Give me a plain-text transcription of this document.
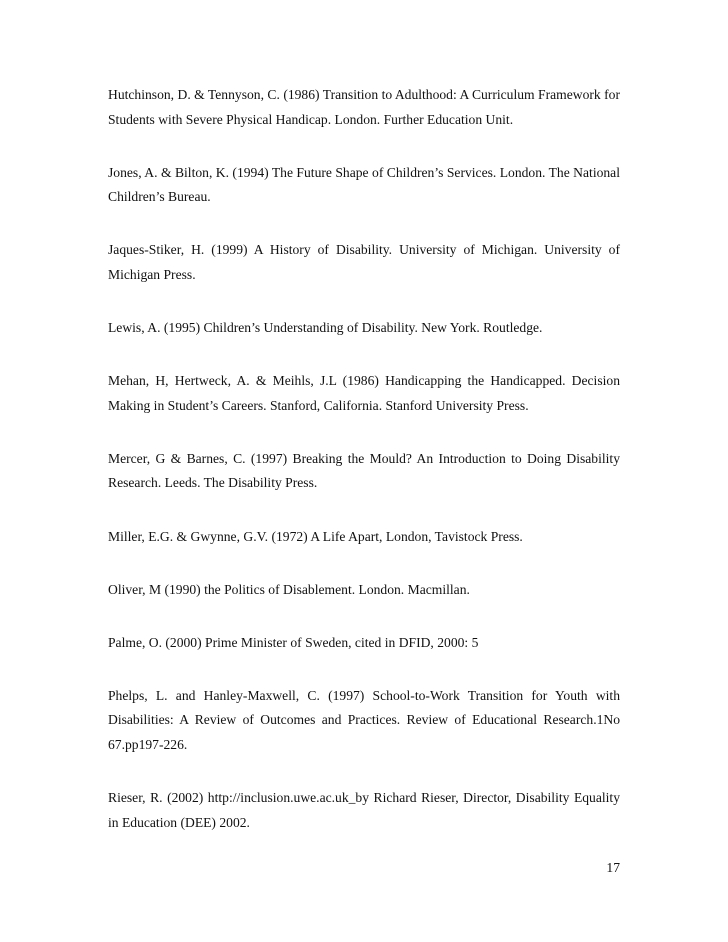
Hutchinson, D. & Tennyson, C. (1986) Transition to Adulthood: A Curriculum Framework for Students with Severe Physical Handicap. London. Further Education Unit.

Jones, A. & Bilton, K. (1994) The Future Shape of Children’s Services. London. The National Children’s Bureau.

Jaques-Stiker, H. (1999) A History of Disability. University of Michigan. University of Michigan Press.

Lewis, A. (1995) Children’s Understanding of Disability. New York. Routledge.

Mehan, H, Hertweck, A. & Meihls, J.L (1986) Handicapping the Handicapped. Decision Making in Student’s Careers. Stanford, California. Stanford University Press.

Mercer, G & Barnes, C. (1997) Breaking the Mould? An Introduction to Doing Disability Research. Leeds. The Disability Press.

Miller, E.G. & Gwynne, G.V. (1972) A Life Apart, London, Tavistock Press.

Oliver, M (1990) the Politics of Disablement. London. Macmillan.

Palme, O. (2000) Prime Minister of Sweden, cited in DFID, 2000: 5

Phelps, L. and Hanley-Maxwell, C. (1997) School-to-Work Transition for Youth with Disabilities: A Review of Outcomes and Practices. Review of Educational Research.1No 67.pp197-226.

Rieser, R. (2002) http://inclusion.uwe.ac.uk_by Richard Rieser, Director, Disability Equality in Education (DEE) 2002.

17
